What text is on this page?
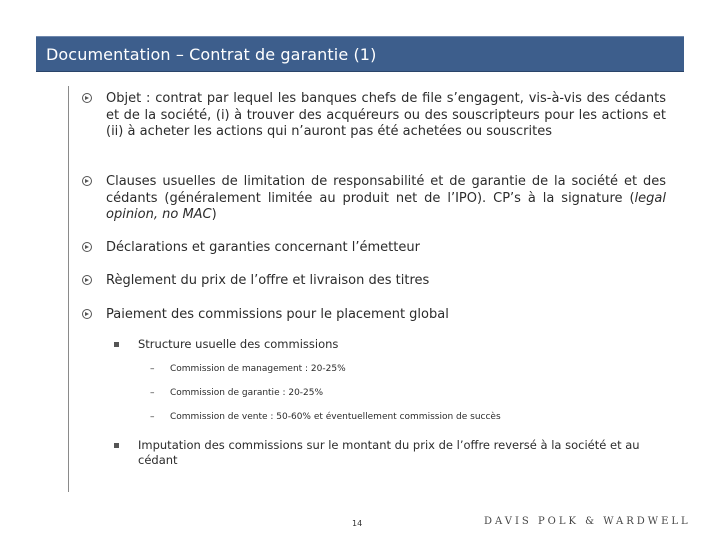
Documentation – Contrat de garantie (1)
Objet : contrat par lequel les banques chefs de file s’engagent, vis-à-vis des cédants et de la société, (i) à trouver des acquéreurs ou des souscripteurs pour les actions et (ii) à acheter les actions qui n’auront pas été achetées ou souscrites
Clauses usuelles de limitation de responsabilité et de garantie de la société et des cédants (généralement limitée au produit net de l’IPO). CP’s à la signature (legal opinion, no MAC)
Déclarations et garanties concernant l’émetteur
Règlement du prix de l’offre et livraison des titres
Paiement des commissions pour le placement global
Structure usuelle des commissions
–	Commission de management : 20-25%
–	Commission de garantie : 20-25%
–	Commission de vente : 50-60% et éventuellement commission de succès
Imputation des commissions sur le montant du prix de l’offre reversé à la société et au cédant
14	DAVIS POLK & WARDWELL
